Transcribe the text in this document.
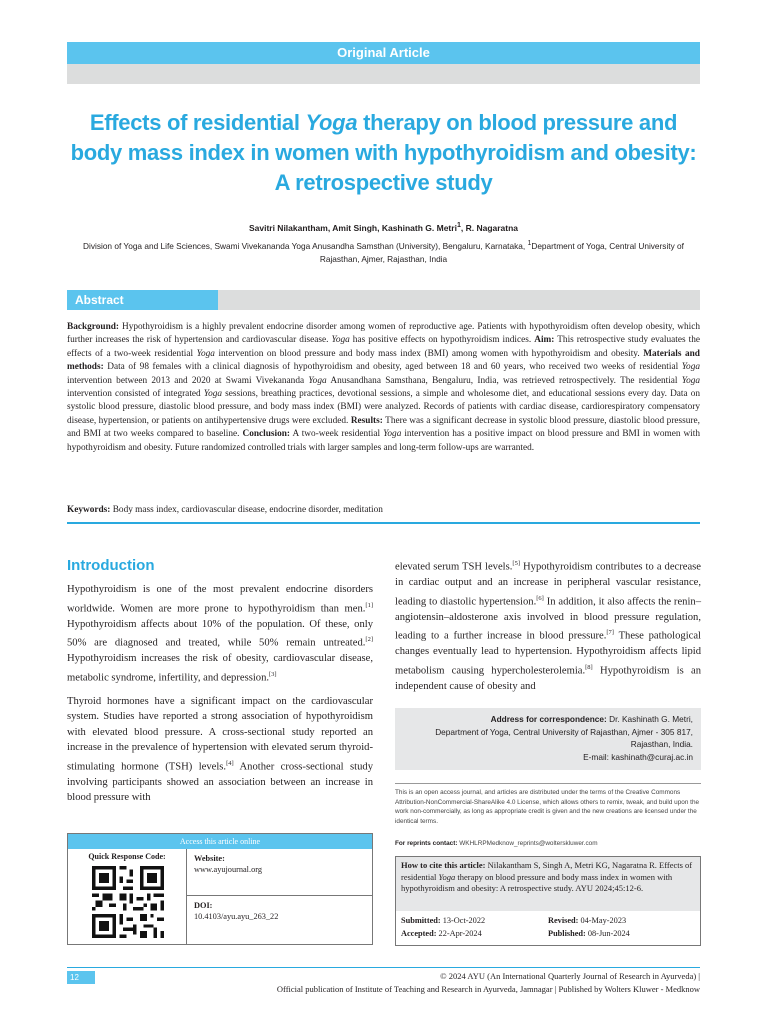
Original Article
Effects of residential Yoga therapy on blood pressure and body mass index in women with hypothyroidism and obesity: A retrospective study
Savitri Nilakantham, Amit Singh, Kashinath G. Metri$^1$, R. Nagaratna
Division of Yoga and Life Sciences, Swami Vivekananda Yoga Anusandha Samsthan (University), Bengaluru, Karnataka, $^1$Department of Yoga, Central University of Rajasthan, Ajmer, Rajasthan, India
Abstract
Background: Hypothyroidism is a highly prevalent endocrine disorder among women of reproductive age. Patients with hypothyroidism often develop obesity, which further increases the risk of hypertension and cardiovascular disease. Yoga has positive effects on hypothyroidism indices. Aim: This retrospective study evaluates the effects of a two-week residential Yoga intervention on blood pressure and body mass index (BMI) among women with hypothyroidism and obesity. Materials and methods: Data of 98 females with a clinical diagnosis of hypothyroidism and obesity, aged between 18 and 60 years, who received two weeks of residential Yoga intervention between 2013 and 2020 at Swami Vivekananda Yoga Anusandhana Samsthana, Bengaluru, India, was retrieved retrospectively. The residential Yoga intervention consisted of integrated Yoga sessions, breathing practices, devotional sessions, a simple and wholesome diet, and educational sessions every day. Data on systolic blood pressure, diastolic blood pressure, and body mass index (BMI) were analyzed. Records of patients with cardiac disease, cardiorespiratory compensatory disease, hypertension, or patients on antihypertensive drugs were excluded. Results: There was a significant decrease in systolic blood pressure, diastolic blood pressure, and BMI at two weeks compared to baseline. Conclusion: A two-week residential Yoga intervention has a positive impact on blood pressure and BMI in women with hypothyroidism and obesity. Future randomized controlled trials with larger samples and long-term follow-ups are warranted.
Keywords: Body mass index, cardiovascular disease, endocrine disorder, meditation
Introduction

Hypothyroidism is one of the most prevalent endocrine disorders worldwide. Women are more prone to hypothyroidism than men.[1] Hypothyroidism affects about 10% of the population. Of these, only 50% are diagnosed and treated, while 50% remain untreated.[2] Hypothyroidism increases the risk of obesity, cardiovascular disease, metabolic syndrome, infertility, and depression.[3]

Thyroid hormones have a significant impact on the cardiovascular system. Studies have reported a strong association of hypothyroidism with elevated blood pressure. A cross-sectional study reported an increase in the prevalence of hypertension with elevated serum thyroid-stimulating hormone (TSH) levels.[4] Another cross-sectional study involving participants showed an association between an increase in blood pressure with

elevated serum TSH levels.[5] Hypothyroidism contributes to a decrease in cardiac output and an increase in peripheral vascular resistance, leading to diastolic hypertension.[6] In addition, it also affects the renin–angiotensin–aldosterone axis involved in blood pressure regulation, leading to a further increase in blood pressure.[7] These pathological changes eventually lead to hypertension. Hypothyroidism affects lipid metabolism causing hypercholesterolemia.[8] Hypothyroidism is an independent cause of obesity and

Address for correspondence: Dr. Kashinath G. Metri,
Department of Yoga, Central University of Rajasthan, Ajmer - 305 817,
Rajasthan, India.
E-mail: kashinath@curaj.ac.in
This is an open access journal, and articles are distributed under the terms of the Creative Commons Attribution-NonCommercial-ShareAlike 4.0 License, which allows others to remix, tweak, and build upon the work non-commercially, as long as appropriate credit is given and the new creations are licensed under the identical terms.
For reprints contact: WKHLRPMedknow_reprints@wolterskluwer.com
How to cite this article: Nilakantham S, Singh A, Metri KG, Nagaratna R. Effects of residential Yoga therapy on blood pressure and body mass index in women with hypothyroidism and obesity: A retrospective study. AYU 2024;45:12-6.
Submitted: 13-Oct-2022	Revised: 04-May-2023
Accepted: 22-Apr-2024	Published: 08-Jun-2024
Access this article online
Quick Response Code:	Website:
www.ayujournal.org
DOI:
10.4103/ayu.ayu_263_22
12	© 2024 AYU (An International Quarterly Journal of Research in Ayurveda) |
Official publication of Institute of Teaching and Research in Ayurveda, Jamnagar | Published by Wolters Kluwer - Medknow
